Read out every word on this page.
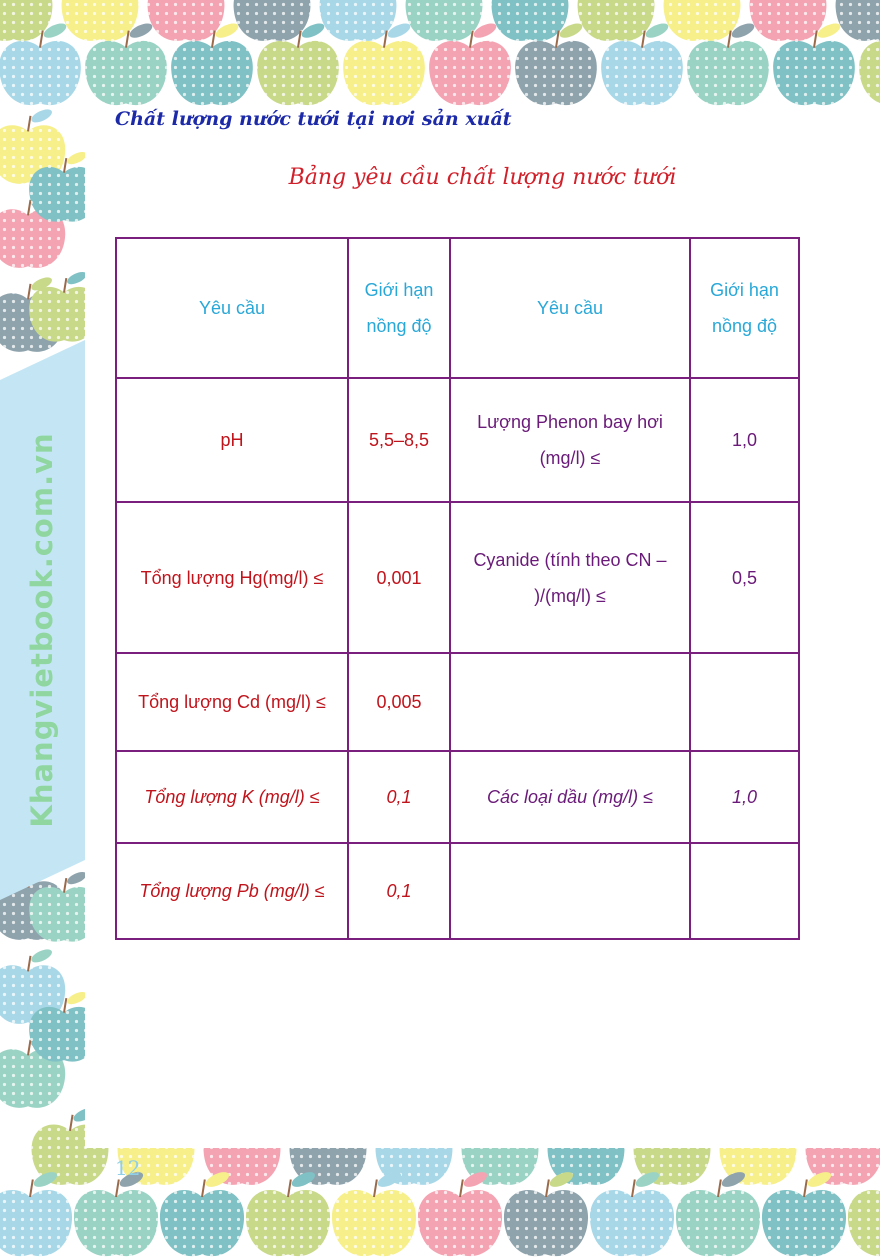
Khangvietbook.com.vn
Chất lượng nước tưới tại nơi sản xuất
Bảng yêu cầu chất lượng nước tưới
Yêu cầu	Giới hạn nồng độ	Yêu cầu	Giới hạn nồng độ
pH	5,5–8,5	Lượng Phenon bay hơi (mg/l) ≤	1,0
Tổng lượng Hg(mg/l) ≤	0,001	Cyanide (tính theo CN – )/(mq/l) ≤	0,5
Tổng lượng Cd (mg/l) ≤	0,005		
Tổng lượng K (mg/l) ≤	0,1	Các loại dầu (mg/l) ≤	1,0
Tổng lượng Pb (mg/l) ≤	0,1		
12
